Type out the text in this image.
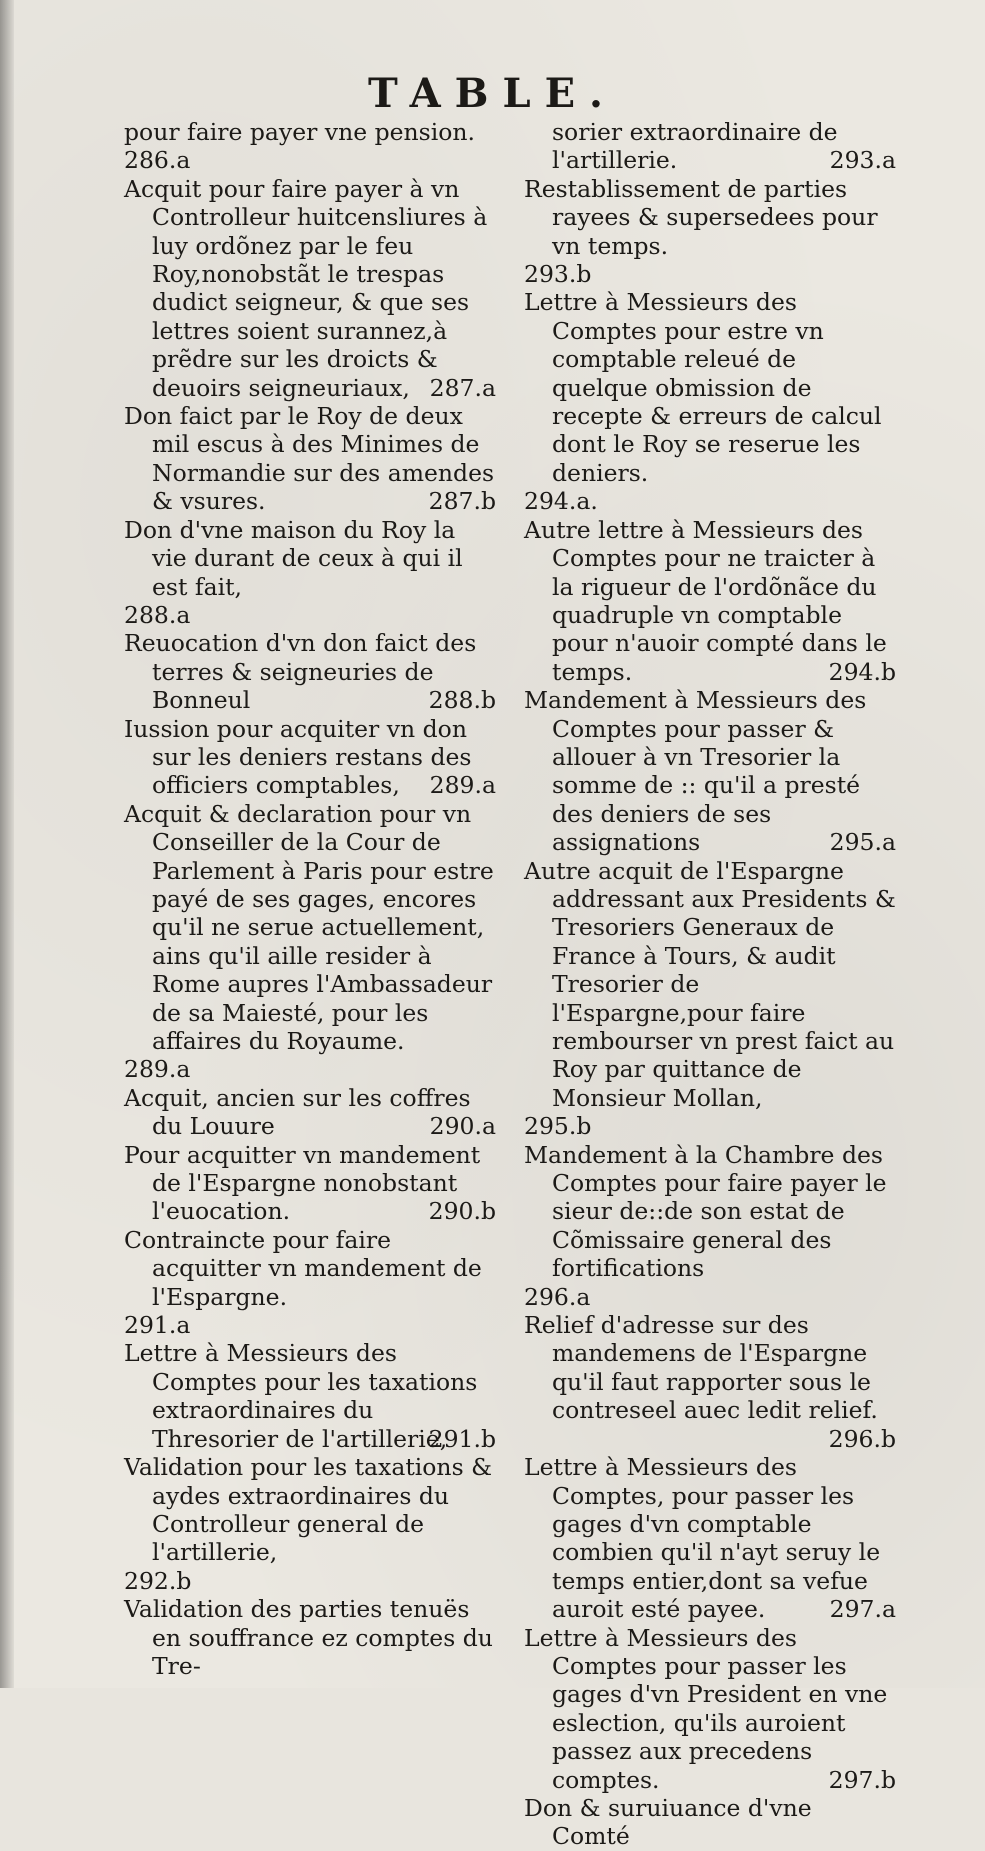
TABLE.

pour faire payer vne pension.
286.a

Acquit pour faire payer à vn Controlleur huitcensliures à luy ordõnez par le feu Roy,nonobstãt le trespas dudict seigneur, & que ses lettres soient surannez,à prẽdre sur les droicts & deuoirs seigneuriaux, 287.a

Don faict par le Roy de deux mil escus à des Minimes de Normandie sur des amendes & vsures.	287.b

Don d'vne maison du Roy la vie durant de ceux à qui il est fait,
288.a

Reuocation d'vn don faict des terres & seigneuries de Bonneul	288.b

Iussion pour acquiter vn don sur les deniers restans des officiers comptables, 289.a

Acquit & declaration pour vn Conseiller de la Cour de Parlement à Paris pour estre payé de ses gages, encores qu'il ne serue actuellement, ains qu'il aille resider à Rome aupres l'Ambassadeur de sa Maiesté, pour les affaires du Royaume.
289.a

Acquit, ancien sur les coffres du Louure	290.a

Pour acquitter vn mandement de l'Espargne nonobstant l'euocation.	290.b

Contraincte pour faire acquitter vn mandement de l'Espargne.
291.a

Lettre à Messieurs des Comptes pour les taxations extraordinaires du Thresorier de l'artillerie,
291.b

Validation pour les taxations & aydes extraordinaires du Controlleur general de l'artillerie,
292.b

Validation des parties tenuës en souffrance ez comptes du Tre-

sorier extraordinaire de l'artillerie.	293.a

Restablissement de parties rayees & supersedees pour vn temps.
293.b

Lettre à Messieurs des Comptes pour estre vn comptable releué de quelque obmission de recepte & erreurs de calcul dont le Roy se reserue les deniers.
294.a.

Autre lettre à Messieurs des Comptes pour ne traicter à la rigueur de l'ordõnãce du quadruple vn comptable pour n'auoir compté dans le temps.	294.b

Mandement à Messieurs des Comptes pour passer & allouer à vn Tresorier la somme de :: qu'il a presté des deniers de ses assignations	295.a

Autre acquit de l'Espargne addressant aux Presidents & Tresoriers Generaux de France à Tours, & audit Tresorier de l'Espargne,pour faire rembourser vn prest faict au Roy par quittance de Monsieur Mollan,
295.b

Mandement à la Chambre des Comptes pour faire payer le sieur de::de son estat de Cõmissaire general des fortifications
296.a

Relief d'adresse sur des mandemens de l'Espargne qu'il faut rapporter sous le contreseel auec ledit relief.
296.b

Lettre à Messieurs des Comptes, pour passer les gages d'vn comptable combien qu'il n'ayt seruy le temps entier,dont sa vefue auroit esté payee.	297.a

Lettre à Messieurs des Comptes pour passer les gages d'vn President en vne eslection, qu'ils auroient passez aux precedens comptes.	297.b

Don & suruiuance d'vne Comté
